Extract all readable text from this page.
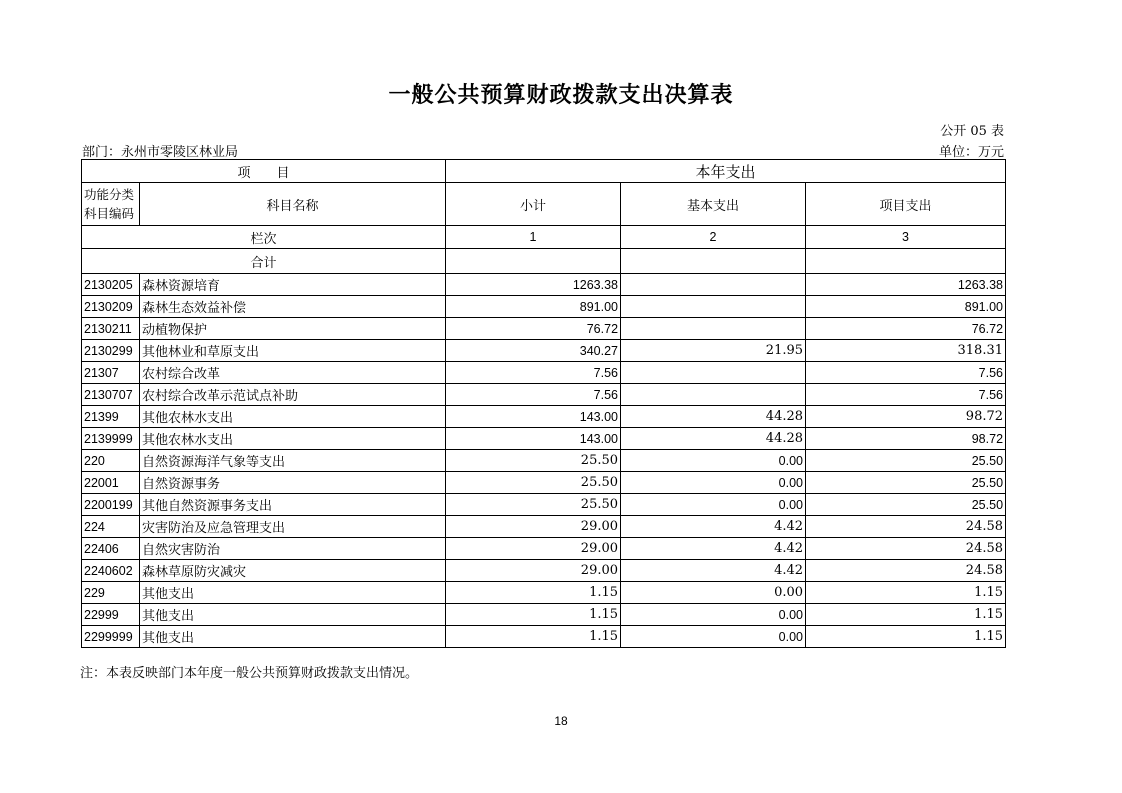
一般公共预算财政拨款支出决算表
公开 05 表
部门：永州市零陵区林业局	单位：万元
项　　目		本年支出		
功能分类科目编码	科目名称	小计	基本支出	项目支出
栏次		1	2	3
合计				
2130205	森林资源培育	1263.38		1263.38
2130209	森林生态效益补偿	891.00		891.00
2130211	动植物保护	76.72		76.72
2130299	其他林业和草原支出	340.27	21.95	318.31
21307	农村综合改革	7.56		7.56
2130707	农村综合改革示范试点补助	7.56		7.56
21399	其他农林水支出	143.00	44.28	98.72
2139999	其他农林水支出	143.00	44.28	98.72
220	自然资源海洋气象等支出	25.50	0.00	25.50
22001	自然资源事务	25.50	0.00	25.50
2200199	其他自然资源事务支出	25.50	0.00	25.50
224	灾害防治及应急管理支出	29.00	4.42	24.58
22406	自然灾害防治	29.00	4.42	24.58
2240602	森林草原防灾减灾	29.00	4.42	24.58
229	其他支出	1.15	0.00	1.15
22999	其他支出	1.15	0.00	1.15
2299999	其他支出	1.15	0.00	1.15
注：本表反映部门本年度一般公共预算财政拨款支出情况。
18
